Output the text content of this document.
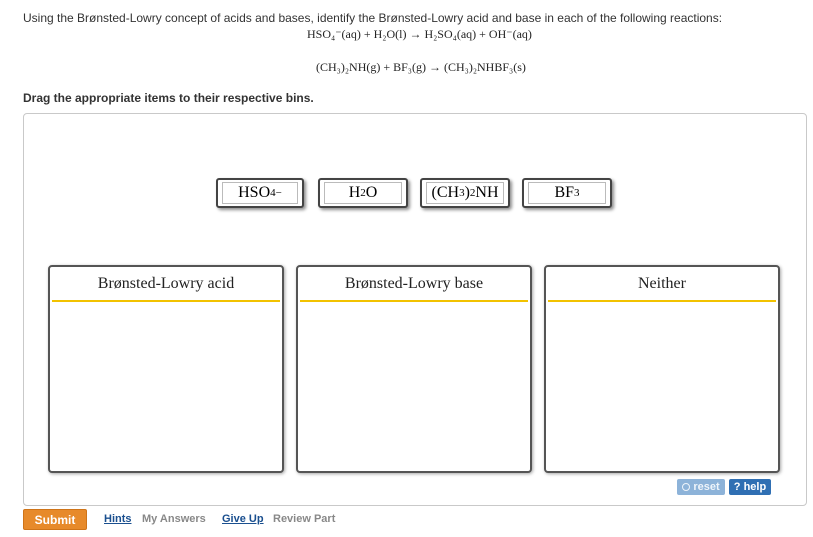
Using the Brønsted-Lowry concept of acids and bases, identify the Brønsted-Lowry acid and base in each of the following reactions:
HSO₄⁻(aq) + H₂O(l) → H₂SO₄(aq) + OH⁻(aq)
(CH₃)₂NH(g) + BF₃(g) → (CH₃)₂NHBF₃(s)
Drag the appropriate items to their respective bins.
HSO 4 −	H 2 O	(CH 3 ) 2 NH	BF 3
Brønsted-Lowry acid	Brønsted-Lowry base	Neither
reset	? help
Submit	Hints My Answers Give Up Review Part
